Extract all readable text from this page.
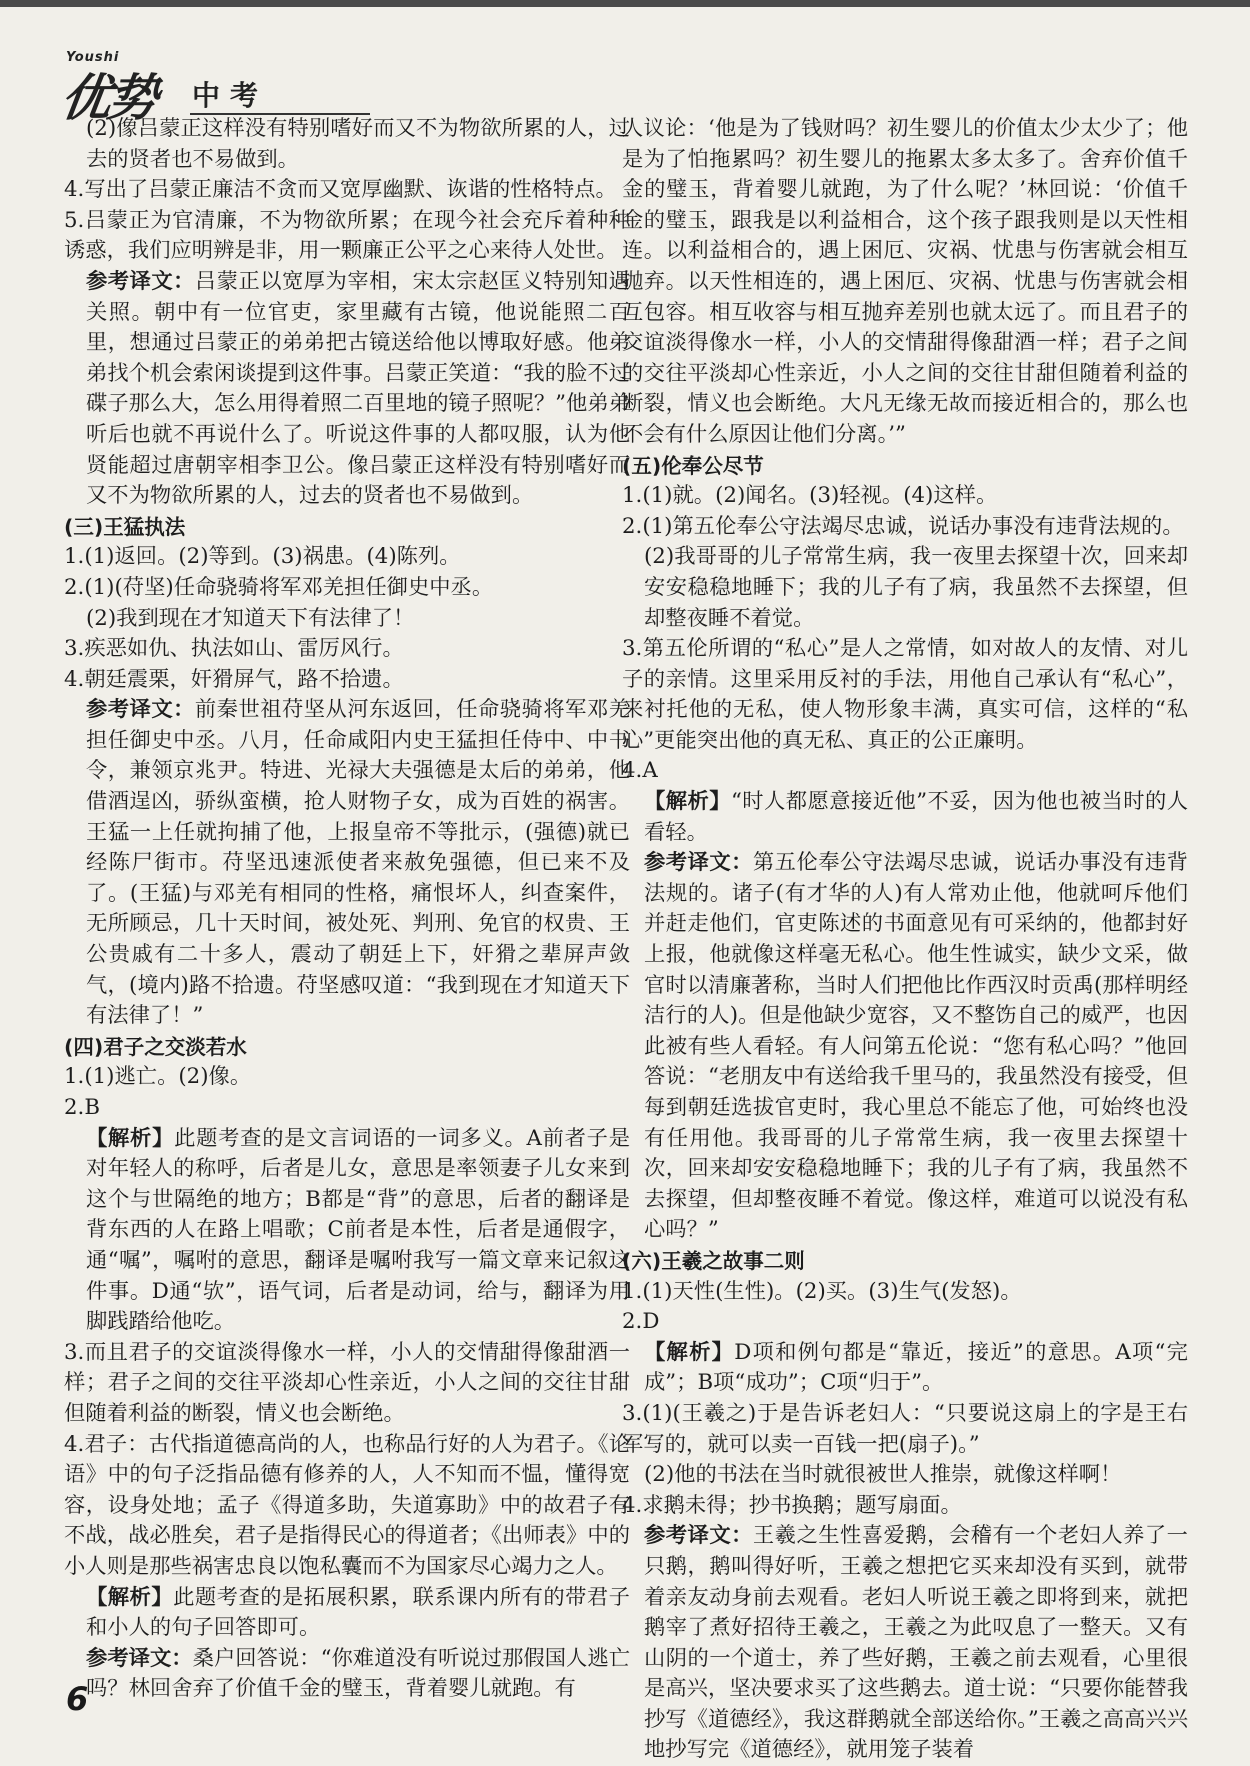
Youshi
优势 中考

(2)像吕蒙正这样没有特别嗜好而又不为物欲所累的人，过去的贤者也不易做到。

4.写出了吕蒙正廉洁不贪而又宽厚幽默、诙谐的性格特点。

5.吕蒙正为官清廉，不为物欲所累；在现今社会充斥着种种诱惑，我们应明辨是非，用一颗廉正公平之心来待人处世。

参考译文：吕蒙正以宽厚为宰相，宋太宗赵匡义特别知遇关照。朝中有一位官吏，家里藏有古镜，他说能照二百里，想通过吕蒙正的弟弟把古镜送给他以博取好感。他弟弟找个机会索闲谈提到这件事。吕蒙正笑道：“我的脸不过碟子那么大，怎么用得着照二百里地的镜子照呢？”他弟弟听后也就不再说什么了。听说这件事的人都叹服，认为他贤能超过唐朝宰相李卫公。像吕蒙正这样没有特别嗜好而又不为物欲所累的人，过去的贤者也不易做到。

(三)王猛执法

1.(1)返回。(2)等到。(3)祸患。(4)陈列。

2.(1)(苻坚)任命骁骑将军邓羌担任御史中丞。

(2)我到现在才知道天下有法律了！

3.疾恶如仇、执法如山、雷厉风行。

4.朝廷震栗，奸猾屏气，路不拾遗。

参考译文：前秦世祖苻坚从河东返回，任命骁骑将军邓羌担任御史中丞。八月，任命咸阳内史王猛担任侍中、中书令，兼领京兆尹。特进、光禄大夫强德是太后的弟弟，他借酒逞凶，骄纵蛮横，抢人财物子女，成为百姓的祸害。王猛一上任就拘捕了他，上报皇帝不等批示，(强德)就已经陈尸街市。苻坚迅速派使者来赦免强德，但已来不及了。(王猛)与邓羌有相同的性格，痛恨坏人，纠查案件，无所顾忌，几十天时间，被处死、判刑、免官的权贵、王公贵戚有二十多人，震动了朝廷上下，奸猾之辈屏声敛气，(境内)路不拾遗。苻坚感叹道：“我到现在才知道天下有法律了！”

(四)君子之交淡若水

1.(1)逃亡。(2)像。

2.B

【解析】此题考查的是文言词语的一词多义。A前者子是对年轻人的称呼，后者是儿女，意思是率领妻子儿女来到这个与世隔绝的地方；B都是“背”的意思，后者的翻译是背东西的人在路上唱歌；C前者是本性，后者是通假字，通“嘱”，嘱咐的意思，翻译是嘱咐我写一篇文章来记叙这件事。D通“欤”，语气词，后者是动词，给与，翻译为用脚践踏给他吃。

3.而且君子的交谊淡得像水一样，小人的交情甜得像甜酒一样；君子之间的交往平淡却心性亲近，小人之间的交往甘甜但随着利益的断裂，情义也会断绝。

4.君子：古代指道德高尚的人，也称品行好的人为君子。《论语》中的句子泛指品德有修养的人，人不知而不愠，懂得宽容，设身处地；孟子《得道多助，失道寡助》中的故君子有不战，战必胜矣，君子是指得民心的得道者；《出师表》中的小人则是那些祸害忠良以饱私囊而不为国家尽心竭力之人。

【解析】此题考查的是拓展积累，联系课内所有的带君子和小人的句子回答即可。

参考译文：桑户回答说：“你难道没有听说过那假国人逃亡吗？林回舍弃了价值千金的璧玉，背着婴儿就跑。有

人议论：‘他是为了钱财吗？初生婴儿的价值太少太少了；他是为了怕拖累吗？初生婴儿的拖累太多太多了。舍弃价值千金的璧玉，背着婴儿就跑，为了什么呢？’林回说：‘价值千金的璧玉，跟我是以利益相合，这个孩子跟我则是以天性相连。以利益相合的，遇上困厄、灾祸、忧患与伤害就会相互抛弃。以天性相连的，遇上困厄、灾祸、忧患与伤害就会相互包容。相互收容与相互抛弃差别也就太远了。而且君子的交谊淡得像水一样，小人的交情甜得像甜酒一样；君子之间的交往平淡却心性亲近，小人之间的交往甘甜但随着利益的断裂，情义也会断绝。大凡无缘无故而接近相合的，那么也不会有什么原因让他们分离。’”

(五)伦奉公尽节

1.(1)就。(2)闻名。(3)轻视。(4)这样。

2.(1)第五伦奉公守法竭尽忠诚，说话办事没有违背法规的。

(2)我哥哥的儿子常常生病，我一夜里去探望十次，回来却安安稳稳地睡下；我的儿子有了病，我虽然不去探望，但却整夜睡不着觉。

3.第五伦所谓的“私心”是人之常情，如对故人的友情、对儿子的亲情。这里采用反衬的手法，用他自己承认有“私心”，来衬托他的无私，使人物形象丰满，真实可信，这样的“私心”更能突出他的真无私、真正的公正廉明。

4.A

【解析】“时人都愿意接近他”不妥，因为他也被当时的人看轻。

参考译文：第五伦奉公守法竭尽忠诚，说话办事没有违背法规的。诸子(有才华的人)有人常劝止他，他就呵斥他们并赶走他们，官吏陈述的书面意见有可采纳的，他都封好上报，他就像这样毫无私心。他生性诚实，缺少文采，做官时以清廉著称，当时人们把他比作西汉时贡禹(那样明经洁行的人)。但是他缺少宽容，又不整饬自己的威严，也因此被有些人看轻。有人问第五伦说：“您有私心吗？”他回答说：“老朋友中有送给我千里马的，我虽然没有接受，但每到朝廷选拔官吏时，我心里总不能忘了他，可始终也没有任用他。我哥哥的儿子常常生病，我一夜里去探望十次，回来却安安稳稳地睡下；我的儿子有了病，我虽然不去探望，但却整夜睡不着觉。像这样，难道可以说没有私心吗？”

(六)王羲之故事二则

1.(1)天性(生性)。(2)买。(3)生气(发怒)。

2.D

【解析】D项和例句都是“靠近，接近”的意思。A项“完成”；B项“成功”；C项“归于”。

3.(1)(王羲之)于是告诉老妇人：“只要说这扇上的字是王右军写的，就可以卖一百钱一把(扇子)。”

(2)他的书法在当时就很被世人推崇，就像这样啊！

4.求鹅未得；抄书换鹅；题写扇面。

参考译文：王羲之生性喜爱鹅，会稽有一个老妇人养了一只鹅，鹅叫得好听，王羲之想把它买来却没有买到，就带着亲友动身前去观看。老妇人听说王羲之即将到来，就把鹅宰了煮好招待王羲之，王羲之为此叹息了一整天。又有山阴的一个道士，养了些好鹅，王羲之前去观看，心里很是高兴，坚决要求买了这些鹅去。道士说：“只要你能替我抄写《道德经》，我这群鹅就全部送给你。”王羲之高高兴兴地抄写完《道德经》，就用笼子装着

6
